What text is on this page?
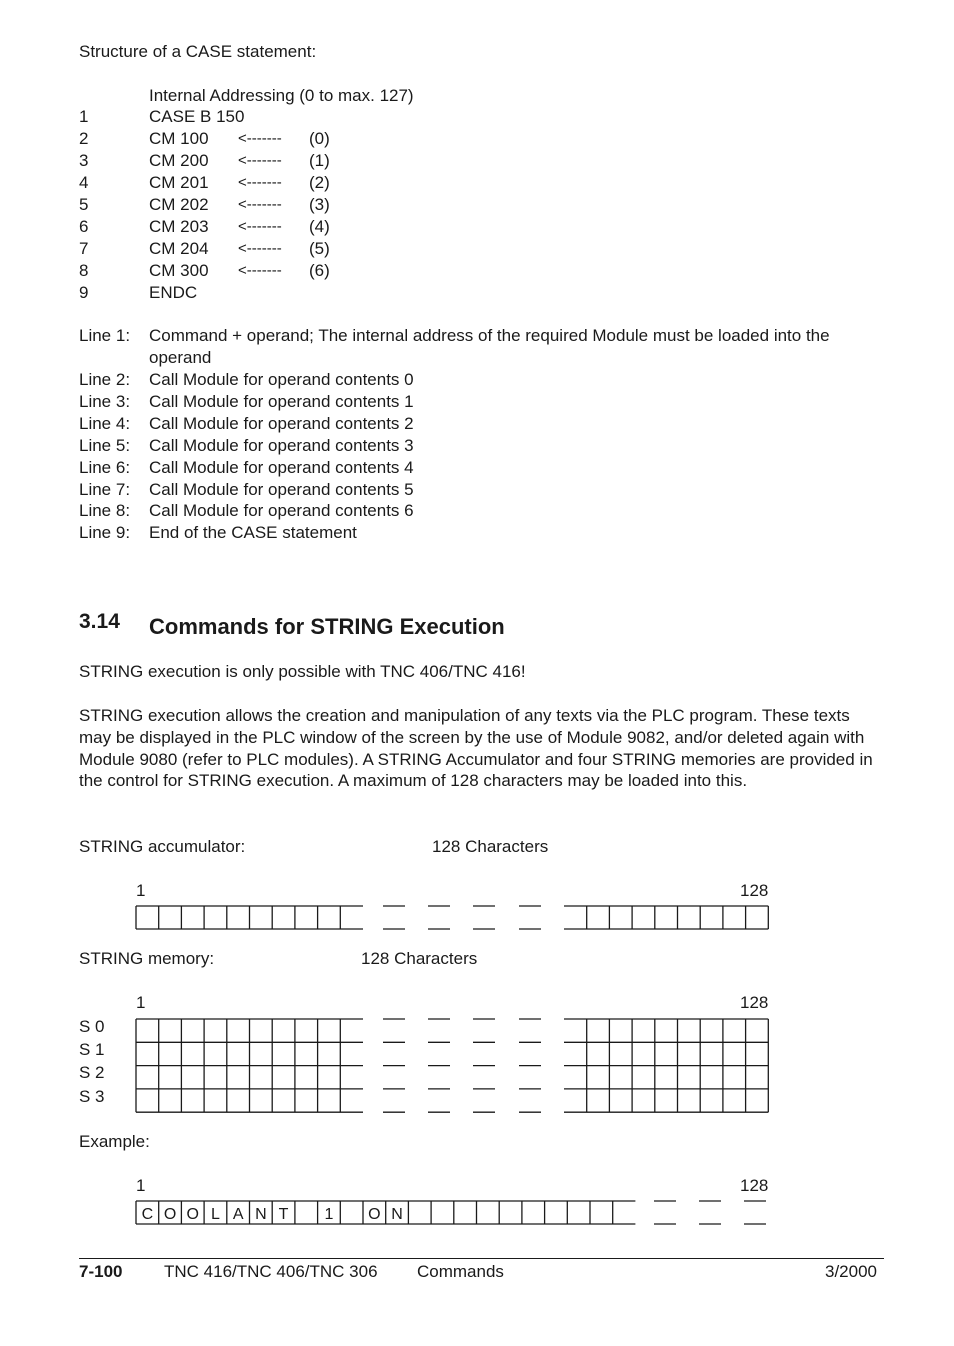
Structure of a CASE statement:
Internal Addressing (0 to max. 127)
1	CASE B 150
2	CM 100 <------- (0)
3	CM 200 <------- (1)
4	CM 201 <------- (2)
5	CM 202 <------- (3)
6	CM 203 <------- (4)
7	CM 204 <------- (5)
8	CM 300 <------- (6)
9	ENDC
Line 1: Command + operand; The internal address of the required Module must be loaded into the
operand
Line 2: Call Module for operand contents 0
Line 3: Call Module for operand contents 1
Line 4: Call Module for operand contents 2
Line 5: Call Module for operand contents 3
Line 6: Call Module for operand contents 4
Line 7: Call Module for operand contents 5
Line 8: Call Module for operand contents 6
Line 9: End of the CASE statement
3.14 Commands for STRING Execution
STRING execution is only possible with TNC 406/TNC 416!
STRING execution allows the creation and manipulation of any texts via the PLC program. These texts may be displayed in the PLC window of the screen by the use of Module 9082, and/or deleted again with Module 9080 (refer to PLC modules). A STRING Accumulator and four STRING memories are provided in the control for STRING execution. A maximum of 128 characters may be loaded into this.
STRING accumulator:	128 Characters
1	128
STRING memory:	128 Characters
1	128
S 0
S 1
S 2
S 3
Example:
1	128
C O O L A N T 1 O N
7-100 TNC 416/TNC 406/TNC 306 Commands	3/2000
